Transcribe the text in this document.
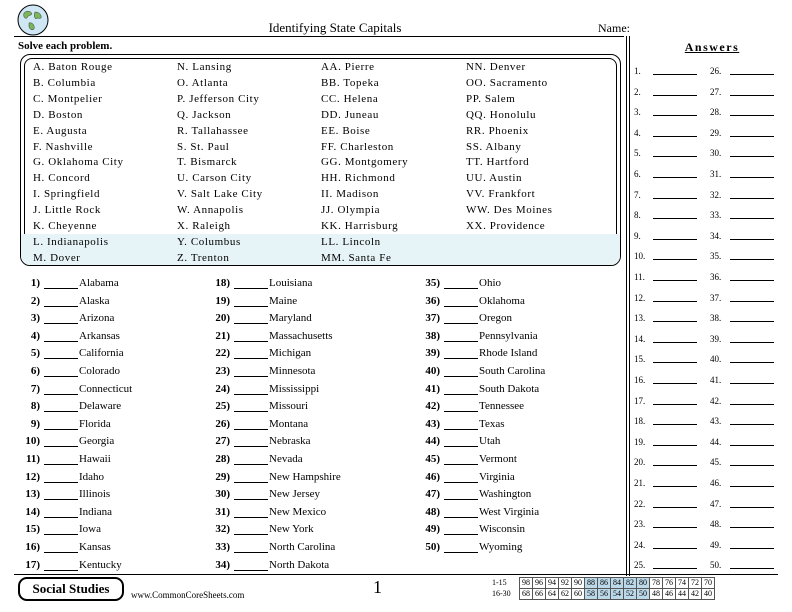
Identifying State Capitals	Name:
Solve each problem.
A. Baton Rouge	N. Lansing	AA. Pierre	NN. Denver
B. Columbia	O. Atlanta	BB. Topeka	OO. Sacramento
C. Montpelier	P. Jefferson City	CC. Helena	PP. Salem
D. Boston	Q. Jackson	DD. Juneau	QQ. Honolulu
E. Augusta	R. Tallahassee	EE. Boise	RR. Phoenix
F. Nashville	S. St. Paul	FF. Charleston	SS. Albany
G. Oklahoma City	T. Bismarck	GG. Montgomery	TT. Hartford
H. Concord	U. Carson City	HH. Richmond	UU. Austin
I. Springfield	V. Salt Lake City	II. Madison	VV. Frankfort
J. Little Rock	W. Annapolis	JJ. Olympia	WW. Des Moines
K. Cheyenne	X. Raleigh	KK. Harrisburg	XX. Providence
L. Indianapolis	Y. Columbus	LL. Lincoln
M. Dover	Z. Trenton	MM. Santa Fe
1)	Alabama
2)	Alaska
3)	Arizona
4)	Arkansas
5)	California
6)	Colorado
7)	Connecticut
8)	Delaware
9)	Florida
10)	Georgia
11)	Hawaii
12)	Idaho
13)	Illinois
14)	Indiana
15)	Iowa
16)	Kansas
17)	Kentucky
18)	Louisiana
19)	Maine
20)	Maryland
21)	Massachusetts
22)	Michigan
23)	Minnesota
24)	Mississippi
25)	Missouri
26)	Montana
27)	Nebraska
28)	Nevada
29)	New Hampshire
30)	New Jersey
31)	New Mexico
32)	New York
33)	North Carolina
34)	North Dakota
35)	Ohio
36)	Oklahoma
37)	Oregon
38)	Pennsylvania
39)	Rhode Island
40)	South Carolina
41)	South Dakota
42)	Tennessee
43)	Texas
44)	Utah
45)	Vermont
46)	Virginia
47)	Washington
48)	West Virginia
49)	Wisconsin
50)	Wyoming
Answers
1.
2.
3.
4.
5.
6.
7.
8.
9.
10.
11.
12.
13.
14.
15.
16.
17.
18.
19.
20.
21.
22.
23.
24.
25.
26.
27.
28.
29.
30.
31.
32.
33.
34.
35.
36.
37.
38.
39.
40.
41.
42.
43.
44.
45.
46.
47.
48.
49.
50.
Social Studies	www.CommonCoreSheets.com	1	1-15
16-30
98	96	94	92	90	88	86	84	82	80	78	76	74	72	70
68	66	64	62	60	58	56	54	52	50	48	46	44	42	40
